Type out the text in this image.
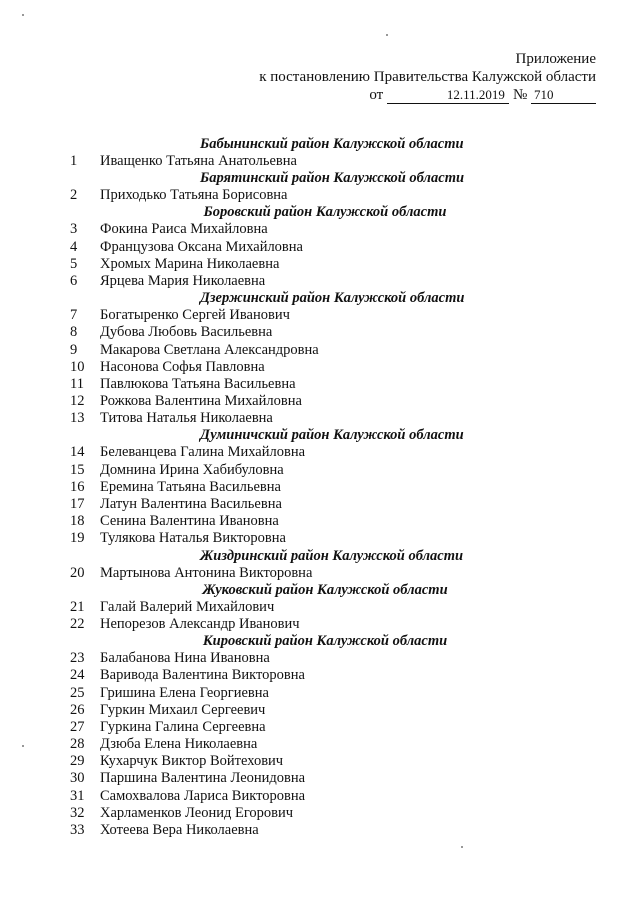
Приложение
к постановлению Правительства Калужской области
от	12.11.2019 № 710
Бабынинский район Калужской области
1	Иващенко Татьяна Анатольевна
Барятинский район Калужской области
2	Приходько Татьяна Борисовна
Боровский район Калужской области
3	Фокина Раиса Михайловна
4	Французова Оксана Михайловна
5	Хромых Марина Николаевна
6	Ярцева Мария Николаевна
Дзержинский район Калужской области
7	Богатыренко Сергей Иванович
8	Дубова Любовь Васильевна
9	Макарова Светлана Александровна
10	Насонова Софья Павловна
11	Павлюкова Татьяна Васильевна
12	Рожкова Валентина Михайловна
13	Титова Наталья Николаевна
Думиничский район Калужской области
14	Белеванцева Галина Михайловна
15	Домнина Ирина Хабибуловна
16	Еремина Татьяна Васильевна
17	Латун Валентина Васильевна
18	Сенина Валентина Ивановна
19	Тулякова Наталья Викторовна
Жиздринский район Калужской области
20	Мартынова Антонина Викторовна
Жуковский район Калужской области
21	Галай Валерий Михайлович
22	Непорезов Александр Иванович
Кировский район Калужской области
23	Балабанова Нина Ивановна
24	Варивода Валентина Викторовна
25	Гришина Елена Георгиевна
26	Гуркин Михаил Сергеевич
27	Гуркина Галина Сергеевна
28	Дзюба Елена Николаевна
29	Кухарчук Виктор Войтехович
30	Паршина Валентина Леонидовна
31	Самохвалова Лариса Викторовна
32	Харламенков Леонид Егорович
33	Хотеева Вера Николаевна
